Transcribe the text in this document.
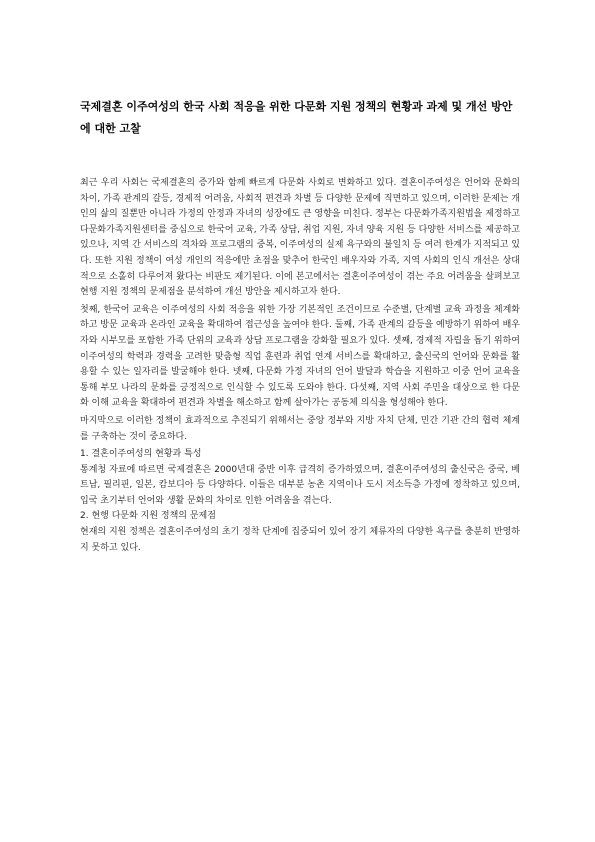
국제결혼 이주여성의 한국 사회 적응을 위한 다문화 지원 정책의 현황과 과제 및 개선 방안에 대한 고찰

최근 우리 사회는 국제결혼의 증가와 함께 빠르게 다문화 사회로 변화하고 있다. 결혼이주여성은 언어와 문화의 차이, 가족 관계의 갈등, 경제적 어려움, 사회적 편견과 차별 등 다양한 문제에 직면하고 있으며, 이러한 문제는 개인의 삶의 질뿐만 아니라 가정의 안정과 자녀의 성장에도 큰 영향을 미친다. 정부는 다문화가족지원법을 제정하고 다문화가족지원센터를 중심으로 한국어 교육, 가족 상담, 취업 지원, 자녀 양육 지원 등 다양한 서비스를 제공하고 있으나, 지역 간 서비스의 격차와 프로그램의 중복, 이주여성의 실제 욕구와의 불일치 등 여러 한계가 지적되고 있다. 또한 지원 정책이 여성 개인의 적응에만 초점을 맞추어 한국인 배우자와 가족, 지역 사회의 인식 개선은 상대적으로 소홀히 다루어져 왔다는 비판도 제기된다. 이에 본고에서는 결혼이주여성이 겪는 주요 어려움을 살펴보고 현행 지원 정책의 문제점을 분석하여 개선 방안을 제시하고자 한다.

첫째, 한국어 교육은 이주여성의 사회 적응을 위한 가장 기본적인 조건이므로 수준별, 단계별 교육 과정을 체계화하고 방문 교육과 온라인 교육을 확대하여 접근성을 높여야 한다. 둘째, 가족 관계의 갈등을 예방하기 위하여 배우자와 시부모를 포함한 가족 단위의 교육과 상담 프로그램을 강화할 필요가 있다. 셋째, 경제적 자립을 돕기 위하여 이주여성의 학력과 경력을 고려한 맞춤형 직업 훈련과 취업 연계 서비스를 확대하고, 출신국의 언어와 문화를 활용할 수 있는 일자리를 발굴해야 한다. 넷째, 다문화 가정 자녀의 언어 발달과 학습을 지원하고 이중 언어 교육을 통해 부모 나라의 문화를 긍정적으로 인식할 수 있도록 도와야 한다. 다섯째, 지역 사회 주민을 대상으로 한 다문화 이해 교육을 확대하여 편견과 차별을 해소하고 함께 살아가는 공동체 의식을 형성해야 한다.

마지막으로 이러한 정책이 효과적으로 추진되기 위해서는 중앙 정부와 지방 자치 단체, 민간 기관 간의 협력 체계를 구축하는 것이 중요하다.

1. 결혼이주여성의 현황과 특성

통계청 자료에 따르면 국제결혼은 2000년대 중반 이후 급격히 증가하였으며, 결혼이주여성의 출신국은 중국, 베트남, 필리핀, 일본, 캄보디아 등 다양하다. 이들은 대부분 농촌 지역이나 도시 저소득층 가정에 정착하고 있으며, 입국 초기부터 언어와 생활 문화의 차이로 인한 어려움을 겪는다.

2. 현행 다문화 지원 정책의 문제점

현재의 지원 정책은 결혼이주여성의 초기 정착 단계에 집중되어 있어 장기 체류자의 다양한 욕구를 충분히 반영하지 못하고 있다.
